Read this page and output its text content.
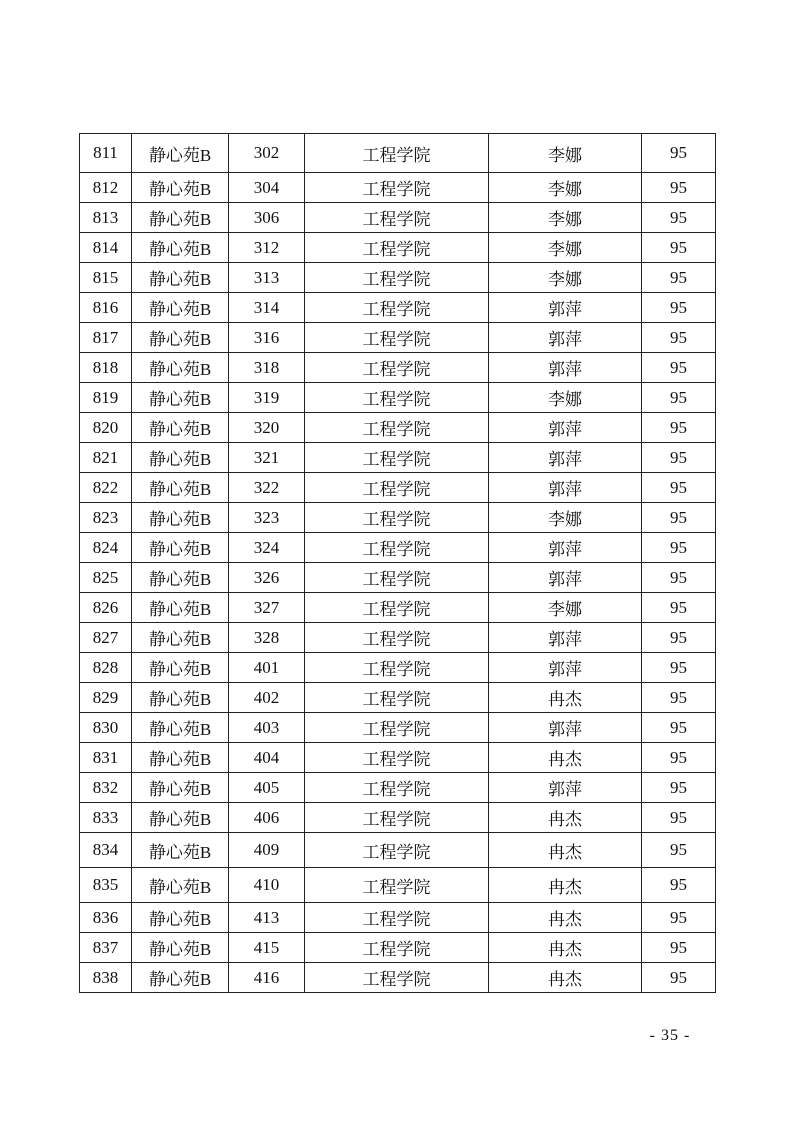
811	静心苑B	302	工程学院	李娜	95
812	静心苑B	304	工程学院	李娜	95
813	静心苑B	306	工程学院	李娜	95
814	静心苑B	312	工程学院	李娜	95
815	静心苑B	313	工程学院	李娜	95
816	静心苑B	314	工程学院	郭萍	95
817	静心苑B	316	工程学院	郭萍	95
818	静心苑B	318	工程学院	郭萍	95
819	静心苑B	319	工程学院	李娜	95
820	静心苑B	320	工程学院	郭萍	95
821	静心苑B	321	工程学院	郭萍	95
822	静心苑B	322	工程学院	郭萍	95
823	静心苑B	323	工程学院	李娜	95
824	静心苑B	324	工程学院	郭萍	95
825	静心苑B	326	工程学院	郭萍	95
826	静心苑B	327	工程学院	李娜	95
827	静心苑B	328	工程学院	郭萍	95
828	静心苑B	401	工程学院	郭萍	95
829	静心苑B	402	工程学院	冉杰	95
830	静心苑B	403	工程学院	郭萍	95
831	静心苑B	404	工程学院	冉杰	95
832	静心苑B	405	工程学院	郭萍	95
833	静心苑B	406	工程学院	冉杰	95
834	静心苑B	409	工程学院	冉杰	95
835	静心苑B	410	工程学院	冉杰	95
836	静心苑B	413	工程学院	冉杰	95
837	静心苑B	415	工程学院	冉杰	95
838	静心苑B	416	工程学院	冉杰	95
- 35 -
